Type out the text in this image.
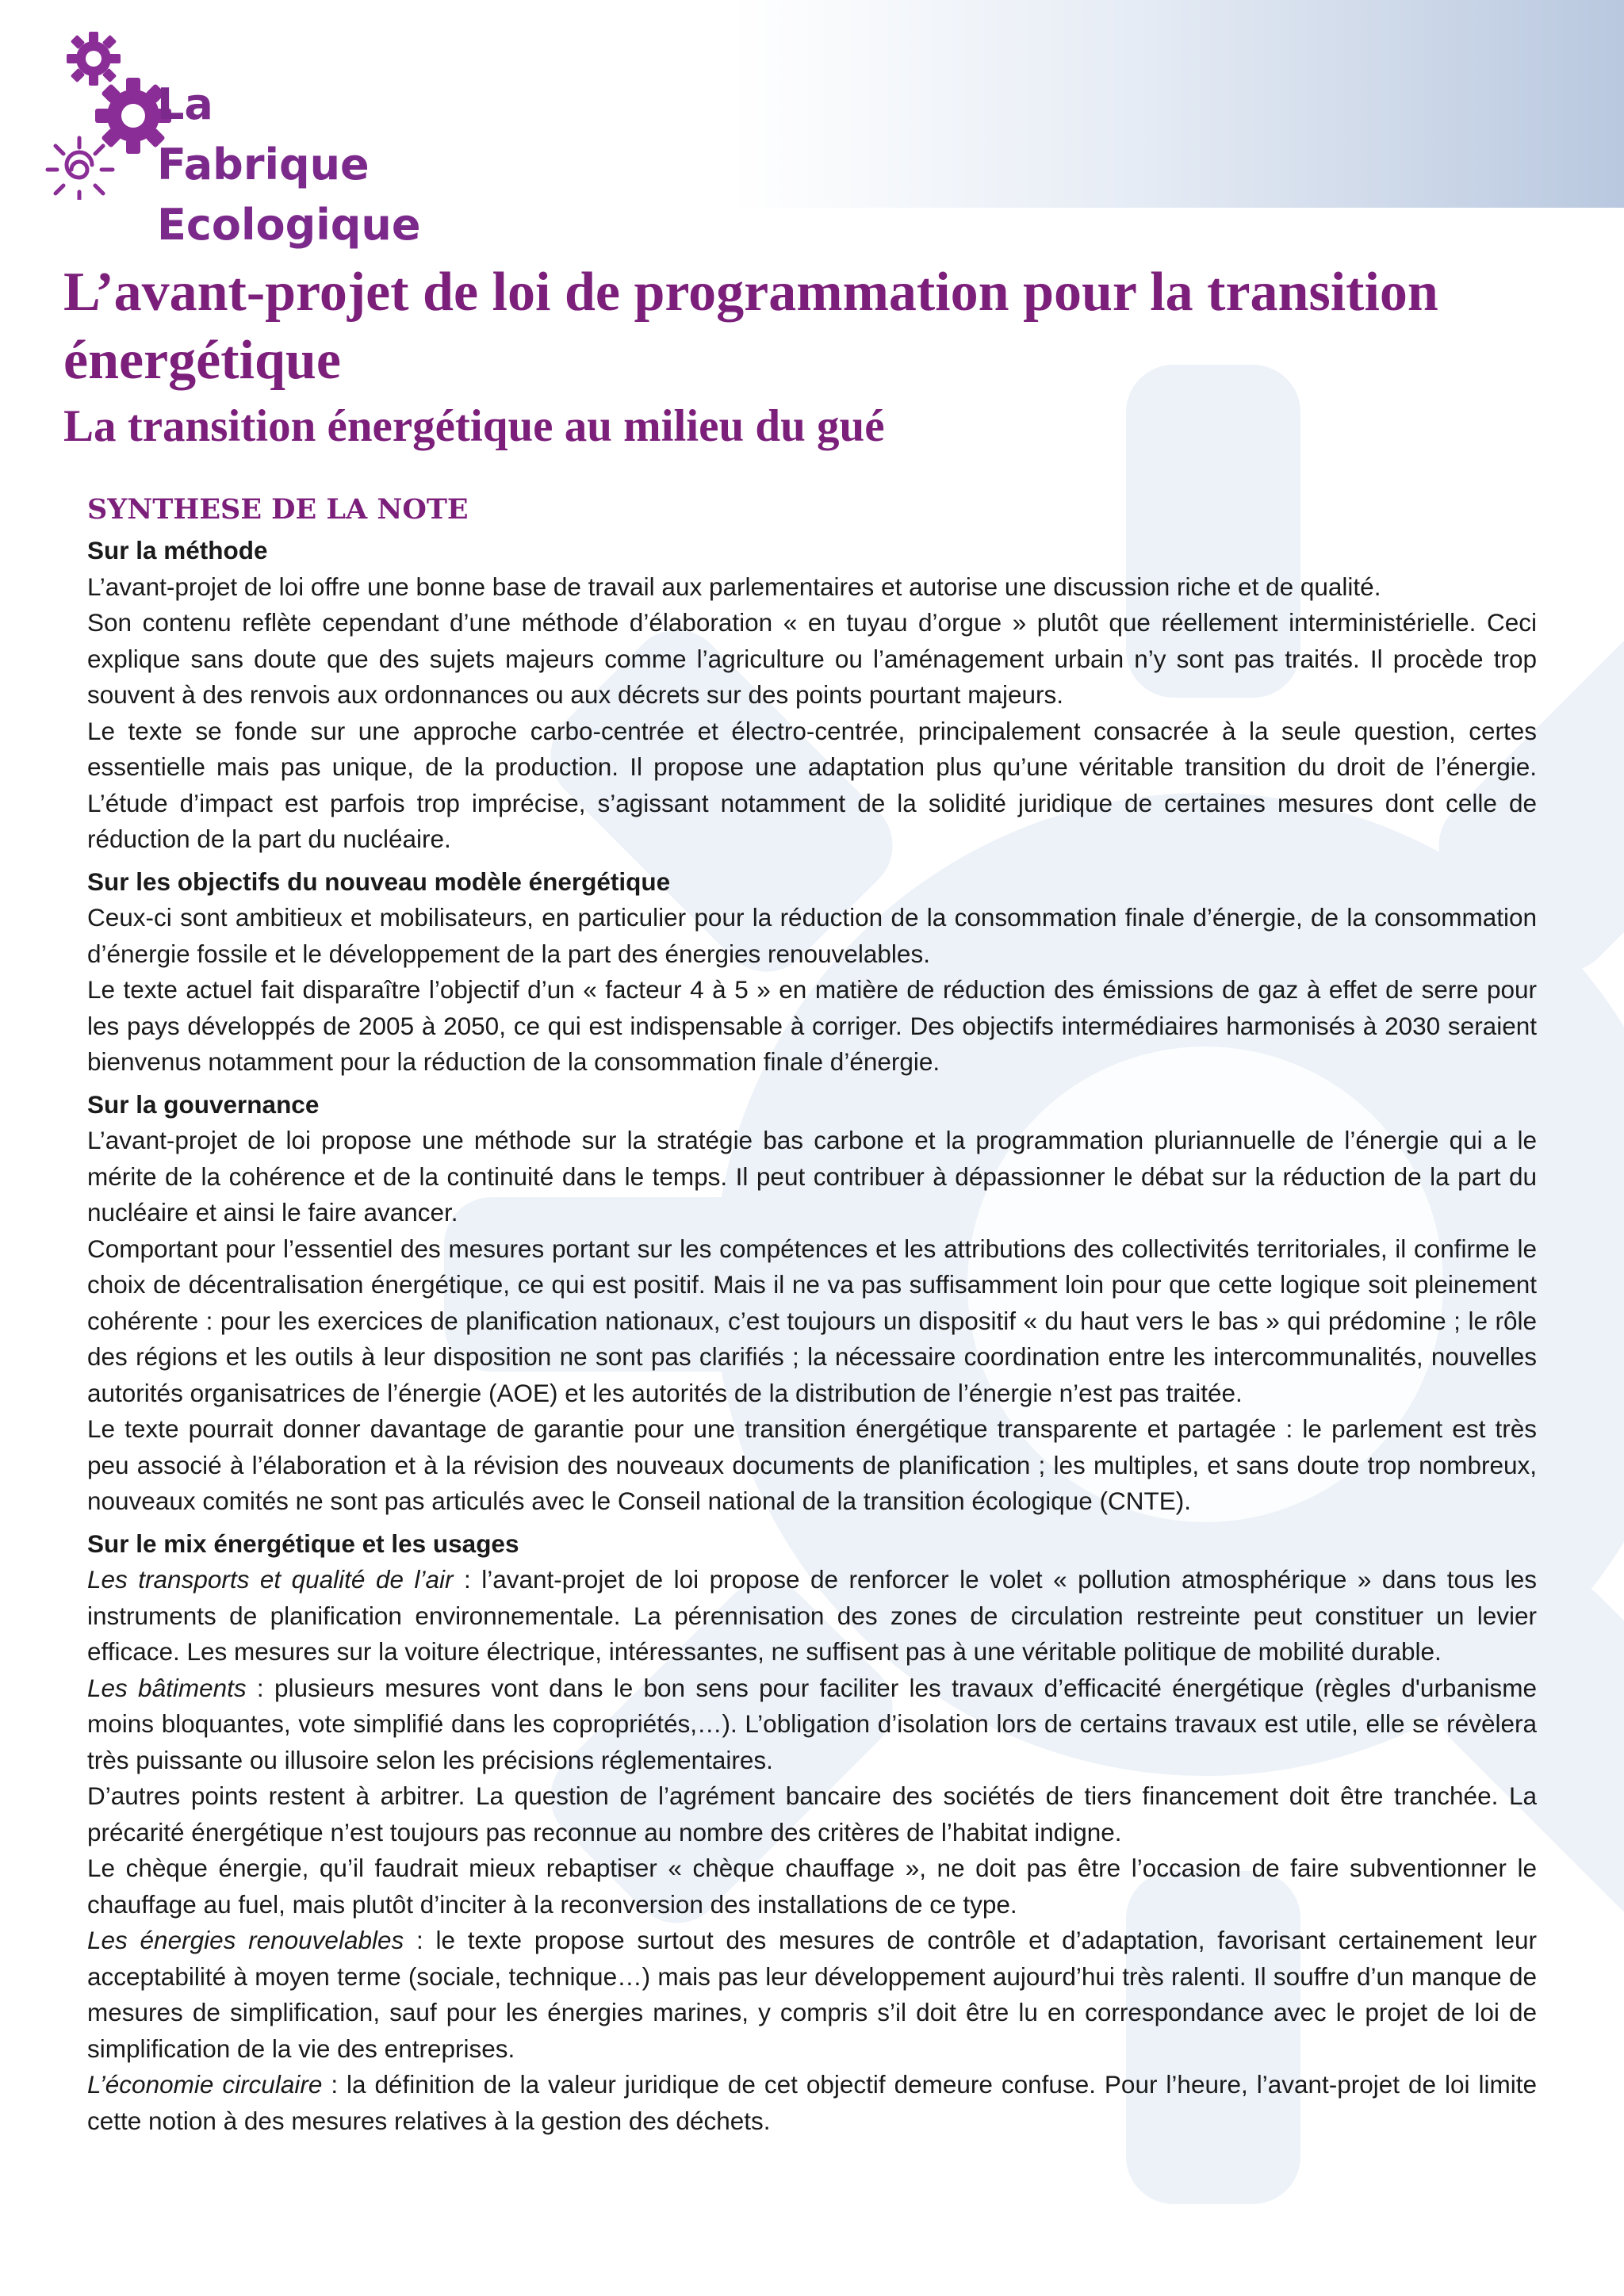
La Fabrique
Ecologique
L’avant-projet de loi de programmation pour la transition énergétique
La transition énergétique au milieu du gué
SYNTHESE DE LA NOTE
Sur la méthode

L’avant-projet de loi offre une bonne base de travail aux parlementaires et autorise une discussion riche et de qualité.

Son contenu reflète cependant d’une méthode d’élaboration « en tuyau d’orgue » plutôt que réellement interministérielle. Ceci explique sans doute que des sujets majeurs comme l’agriculture ou l’aménagement urbain n’y sont pas traités. Il procède trop souvent à des renvois aux ordonnances ou aux décrets sur des points pourtant majeurs.

Le texte se fonde sur une approche carbo-centrée et électro-centrée, principalement consacrée à la seule question, certes essentielle mais pas unique, de la production. Il propose une adaptation plus qu’une véritable transition du droit de l’énergie. L’étude d’impact est parfois trop imprécise, s’agissant notamment de la solidité juridique de certaines mesures dont celle de réduction de la part du nucléaire.

Sur les objectifs du nouveau modèle énergétique

Ceux-ci sont ambitieux et mobilisateurs, en particulier pour la réduction de la consommation finale d’énergie, de la consommation d’énergie fossile et le développement de la part des énergies renouvelables.

Le texte actuel fait disparaître l’objectif d’un « facteur 4 à 5 » en matière de réduction des émissions de gaz à effet de serre pour les pays développés de 2005 à 2050, ce qui est indispensable à corriger. Des objectifs intermédiaires harmonisés à 2030 seraient bienvenus notamment pour la réduction de la consommation finale d’énergie.

Sur la gouvernance

L’avant-projet de loi propose une méthode sur la stratégie bas carbone et la programmation pluriannuelle de l’énergie qui a le mérite de la cohérence et de la continuité dans le temps. Il peut contribuer à dépassionner le débat sur la réduction de la part du nucléaire et ainsi le faire avancer.

Comportant pour l’essentiel des mesures portant sur les compétences et les attributions des collectivités territoriales, il confirme le choix de décentralisation énergétique, ce qui est positif. Mais il ne va pas suffisamment loin pour que cette logique soit pleinement cohérente : pour les exercices de planification nationaux, c’est toujours un dispositif « du haut vers le bas » qui prédomine ; le rôle des régions et les outils à leur disposition ne sont pas clarifiés ; la nécessaire coordination entre les intercommunalités, nouvelles autorités organisatrices de l’énergie (AOE) et les autorités de la distribution de l’énergie n’est pas traitée.

Le texte pourrait donner davantage de garantie pour une transition énergétique transparente et partagée : le parlement est très peu associé à l’élaboration et à la révision des nouveaux documents de planification ; les multiples, et sans doute trop nombreux, nouveaux comités ne sont pas articulés avec le Conseil national de la transition écologique (CNTE).

Sur le mix énergétique et les usages

Les transports et qualité de l’air : l’avant-projet de loi propose de renforcer le volet « pollution atmosphérique » dans tous les instruments de planification environnementale. La pérennisation des zones de circulation restreinte peut constituer un levier efficace. Les mesures sur la voiture électrique, intéressantes, ne suffisent pas à une véritable politique de mobilité durable.

Les bâtiments : plusieurs mesures vont dans le bon sens pour faciliter les travaux d’efficacité énergétique (règles d'urbanisme moins bloquantes, vote simplifié dans les copropriétés,…). L’obligation d’isolation lors de certains travaux est utile, elle se révèlera très puissante ou illusoire selon les précisions réglementaires.

D’autres points restent à arbitrer. La question de l’agrément bancaire des sociétés de tiers financement doit être tranchée. La précarité énergétique n’est toujours pas reconnue au nombre des critères de l’habitat indigne.

Le chèque énergie, qu’il faudrait mieux rebaptiser « chèque chauffage », ne doit pas être l’occasion de faire subventionner le chauffage au fuel, mais plutôt d’inciter à la reconversion des installations de ce type.

Les énergies renouvelables : le texte propose surtout des mesures de contrôle et d’adaptation, favorisant certainement leur acceptabilité à moyen terme (sociale, technique…) mais pas leur développement aujourd’hui très ralenti. Il souffre d’un manque de mesures de simplification, sauf pour les énergies marines, y compris s’il doit être lu en correspondance avec le projet de loi de simplification de la vie des entreprises.

L’économie circulaire : la définition de la valeur juridique de cet objectif demeure confuse. Pour l’heure, l’avant-projet de loi limite cette notion à des mesures relatives à la gestion des déchets.
